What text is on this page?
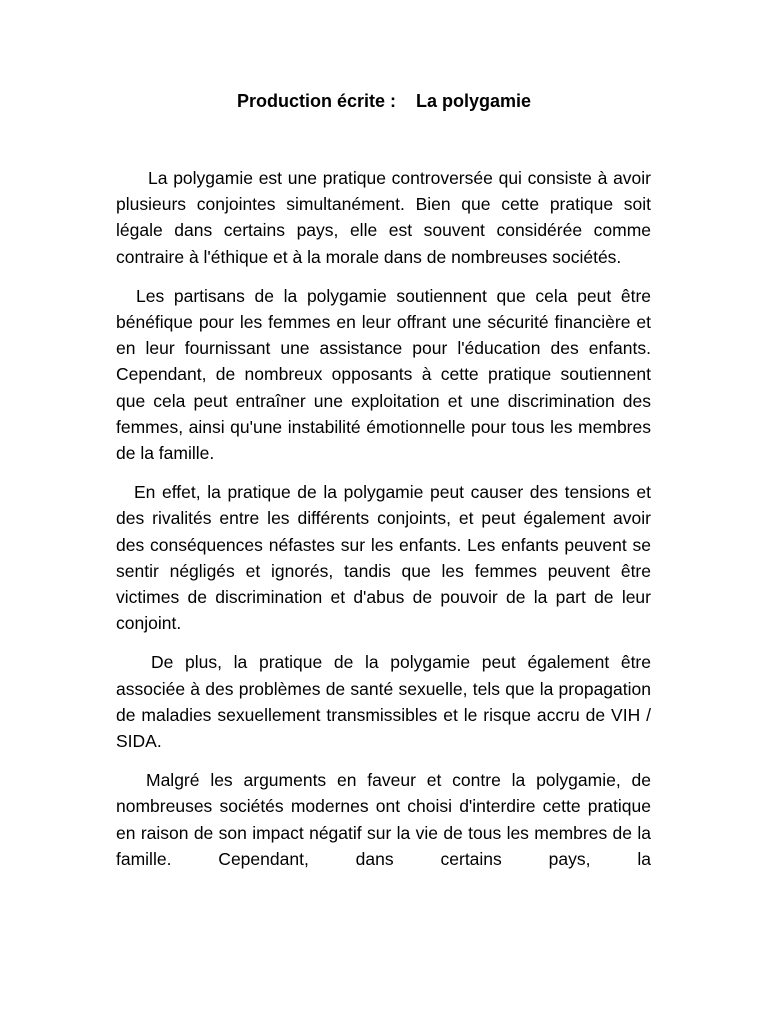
Production écrite :    La polygamie

La polygamie est une pratique controversée qui consiste à avoir plusieurs conjointes simultanément. Bien que cette pratique soit légale dans certains pays, elle est souvent considérée comme contraire à l'éthique et à la morale dans de nombreuses sociétés.

Les partisans de la polygamie soutiennent que cela peut être bénéfique pour les femmes en leur offrant une sécurité financière et en leur fournissant une assistance pour l'éducation des enfants. Cependant, de nombreux opposants à cette pratique soutiennent que cela peut entraîner une exploitation et une discrimination des femmes, ainsi qu'une instabilité émotionnelle pour tous les membres de la famille.

En effet, la pratique de la polygamie peut causer des tensions et des rivalités entre les différents conjoints, et peut également avoir des conséquences néfastes sur les enfants. Les enfants peuvent se sentir négligés et ignorés, tandis que les femmes peuvent être victimes de discrimination et d'abus de pouvoir de la part de leur conjoint.

De plus, la pratique de la polygamie peut également être associée à des problèmes de santé sexuelle, tels que la propagation de maladies sexuellement transmissibles et le risque accru de VIH / SIDA.

Malgré les arguments en faveur et contre la polygamie, de nombreuses sociétés modernes ont choisi d'interdire cette pratique en raison de son impact négatif sur la vie de tous les membres de la famille. Cependant, dans certains pays, la
